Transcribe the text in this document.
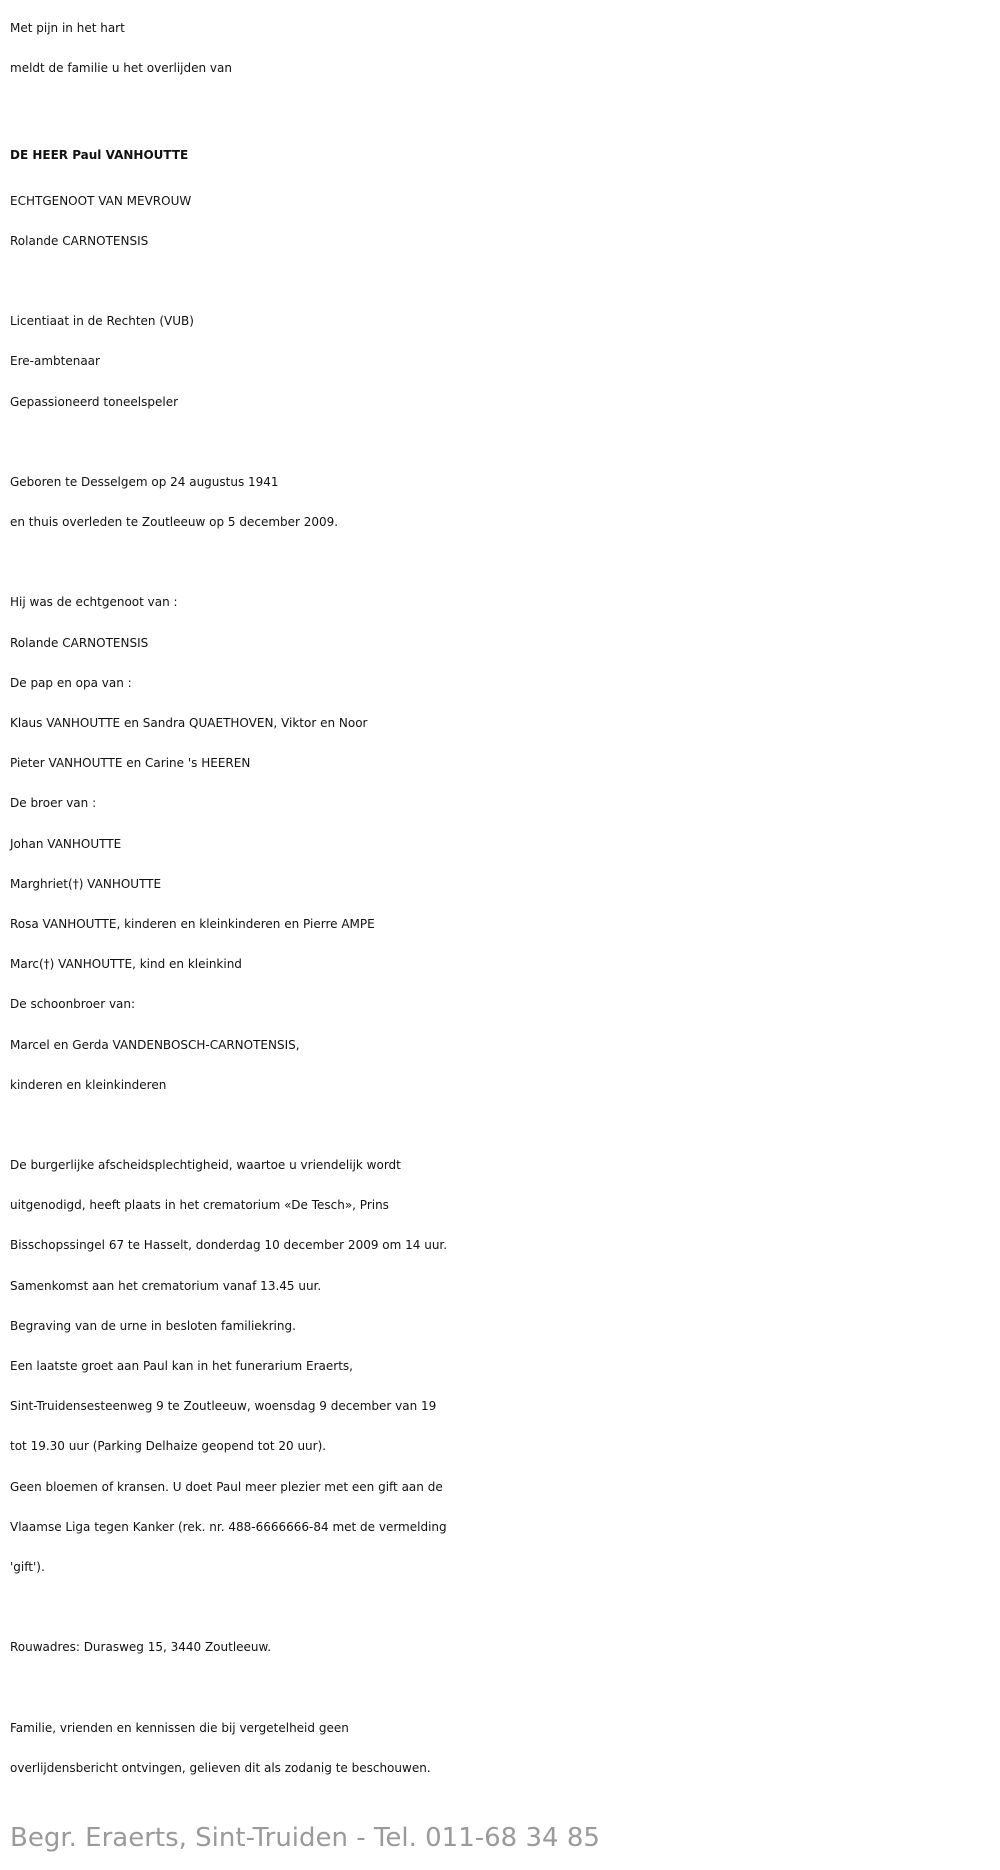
Met pijn in het hart
meldt de familie u het overlijden van
DE HEER Paul VANHOUTTE
ECHTGENOOT VAN MEVROUW
Rolande CARNOTENSIS
Licentiaat in de Rechten (VUB)
Ere-ambtenaar
Gepassioneerd toneelspeler
Geboren te Desselgem op 24 augustus 1941
en thuis overleden te Zoutleeuw op 5 december 2009.
Hij was de echtgenoot van :
Rolande CARNOTENSIS
De pap en opa van :
Klaus VANHOUTTE en Sandra QUAETHOVEN, Viktor en Noor
Pieter VANHOUTTE en Carine 's HEEREN
De broer van :
Johan VANHOUTTE
Marghriet(†) VANHOUTTE
Rosa VANHOUTTE, kinderen en kleinkinderen en Pierre AMPE
Marc(†) VANHOUTTE, kind en kleinkind
De schoonbroer van:
Marcel en Gerda VANDENBOSCH-CARNOTENSIS,
kinderen en kleinkinderen
De burgerlijke afscheidsplechtigheid, waartoe u vriendelijk wordt
uitgenodigd, heeft plaats in het crematorium «De Tesch», Prins
Bisschopssingel 67 te Hasselt, donderdag 10 december 2009 om 14 uur.
Samenkomst aan het crematorium vanaf 13.45 uur.
Begraving van de urne in besloten familiekring.
Een laatste groet aan Paul kan in het funerarium Eraerts,
Sint-Truidensesteenweg 9 te Zoutleeuw, woensdag 9 december van 19
tot 19.30 uur (Parking Delhaize geopend tot 20 uur).
Geen bloemen of kransen. U doet Paul meer plezier met een gift aan de
Vlaamse Liga tegen Kanker (rek. nr. 488-6666666-84 met de vermelding
'gift').
Rouwadres: Durasweg 15, 3440 Zoutleeuw.
Familie, vrienden en kennissen die bij vergetelheid geen
overlijdensbericht ontvingen, gelieven dit als zodanig te beschouwen.
Begr. Eraerts, Sint-Truiden - Tel. 011-68 34 85
